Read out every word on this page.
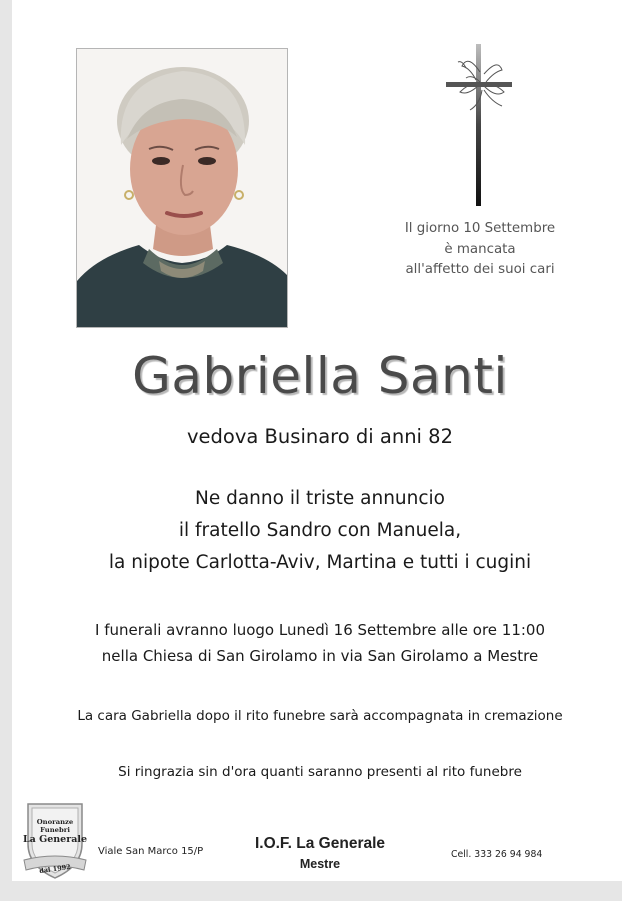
Il giorno 10 Settembre
è mancata
all'affetto dei suoi cari
Gabriella Santi
vedova Businaro di anni 82
Ne danno il triste annuncio
il fratello Sandro con Manuela,
la nipote Carlotta-Aviv, Martina e tutti i cugini
I funerali avranno luogo Lunedì 16 Settembre alle ore 11:00
nella Chiesa di San Girolamo in via San Girolamo a Mestre
La cara Gabriella dopo il rito funebre sarà accompagnata in cremazione
Si ringrazia sin d'ora quanti saranno presenti al rito funebre
Onoranze
Funebri
La Generale
dal 1992
Viale San Marco 15/P	I.O.F. La Generale
Mestre
Cell. 333 26 94 984
